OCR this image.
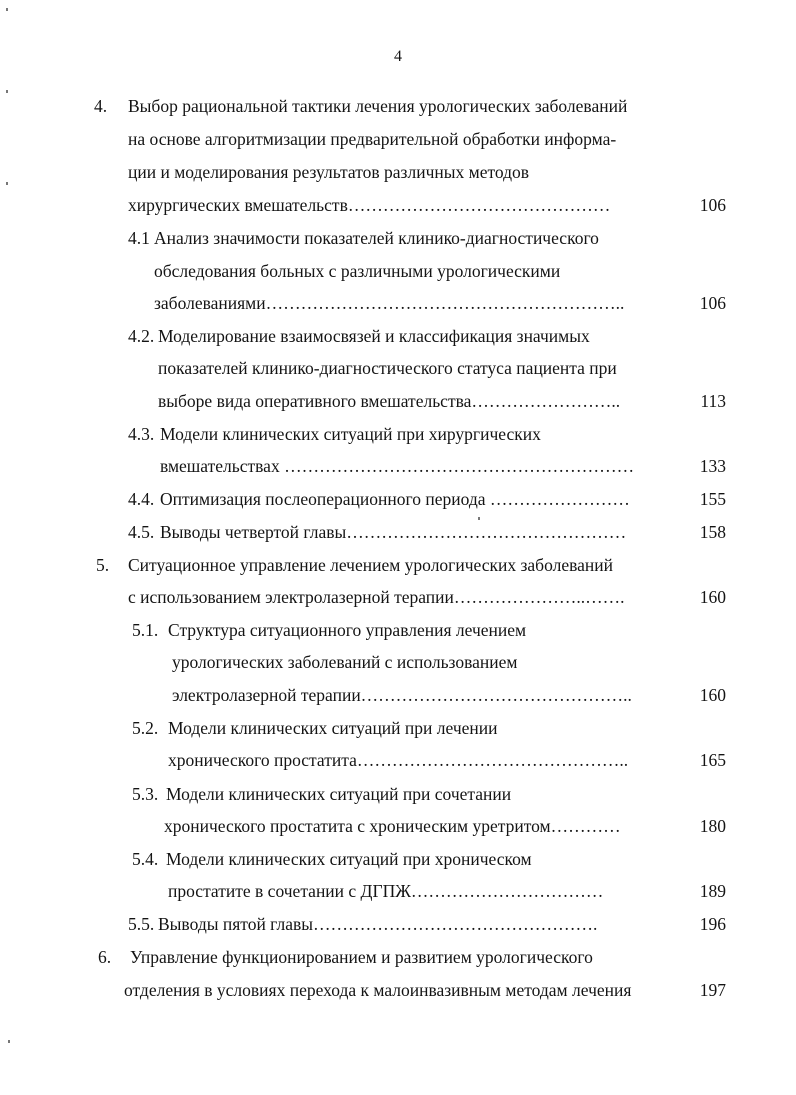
4
4. Выбор рациональной тактики лечения урологических заболеваний
на основе алгоритмизации предварительной обработки информа-
ции и моделирования результатов различных методов
хирургических вмешательств………………………………………	106
4.1 Анализ значимости показателей клинико-диагностического
обследования больных с различными урологическими
заболеваниями……………………………………………………..	106
4.2. Моделирование взаимосвязей и классификация значимых
показателей клинико-диагностического статуса пациента при
выборе вида оперативного вмешательства……………………..	113
4.3. Модели клинических ситуаций при хирургических
вмешательствах ……………………………………………………	133
4.4. Оптимизация послеоперационного периода ……………………	155
4.5. Выводы четвертой главы…………………………………………	158
5. Ситуационное управление лечением урологических заболеваний
с использованием электролазерной терапии…………………..…….	160
5.1. Структура ситуационного управления лечением
урологических заболеваний с использованием
электролазерной терапии………………………………………..	160
5.2. Модели клинических ситуаций при лечении
хронического простатита………………………………………..	165
5.3. Модели клинических ситуаций при сочетании
хронического простатита с хроническим уретритом…………	180
5.4. Модели клинических ситуаций при хроническом
простатите в сочетании с ДГПЖ……………………………	189
5.5. Выводы пятой главы………………………………………….	196
6. Управление функционированием и развитием урологического
отделения в условиях перехода к малоинвазивным методам лечения	197
